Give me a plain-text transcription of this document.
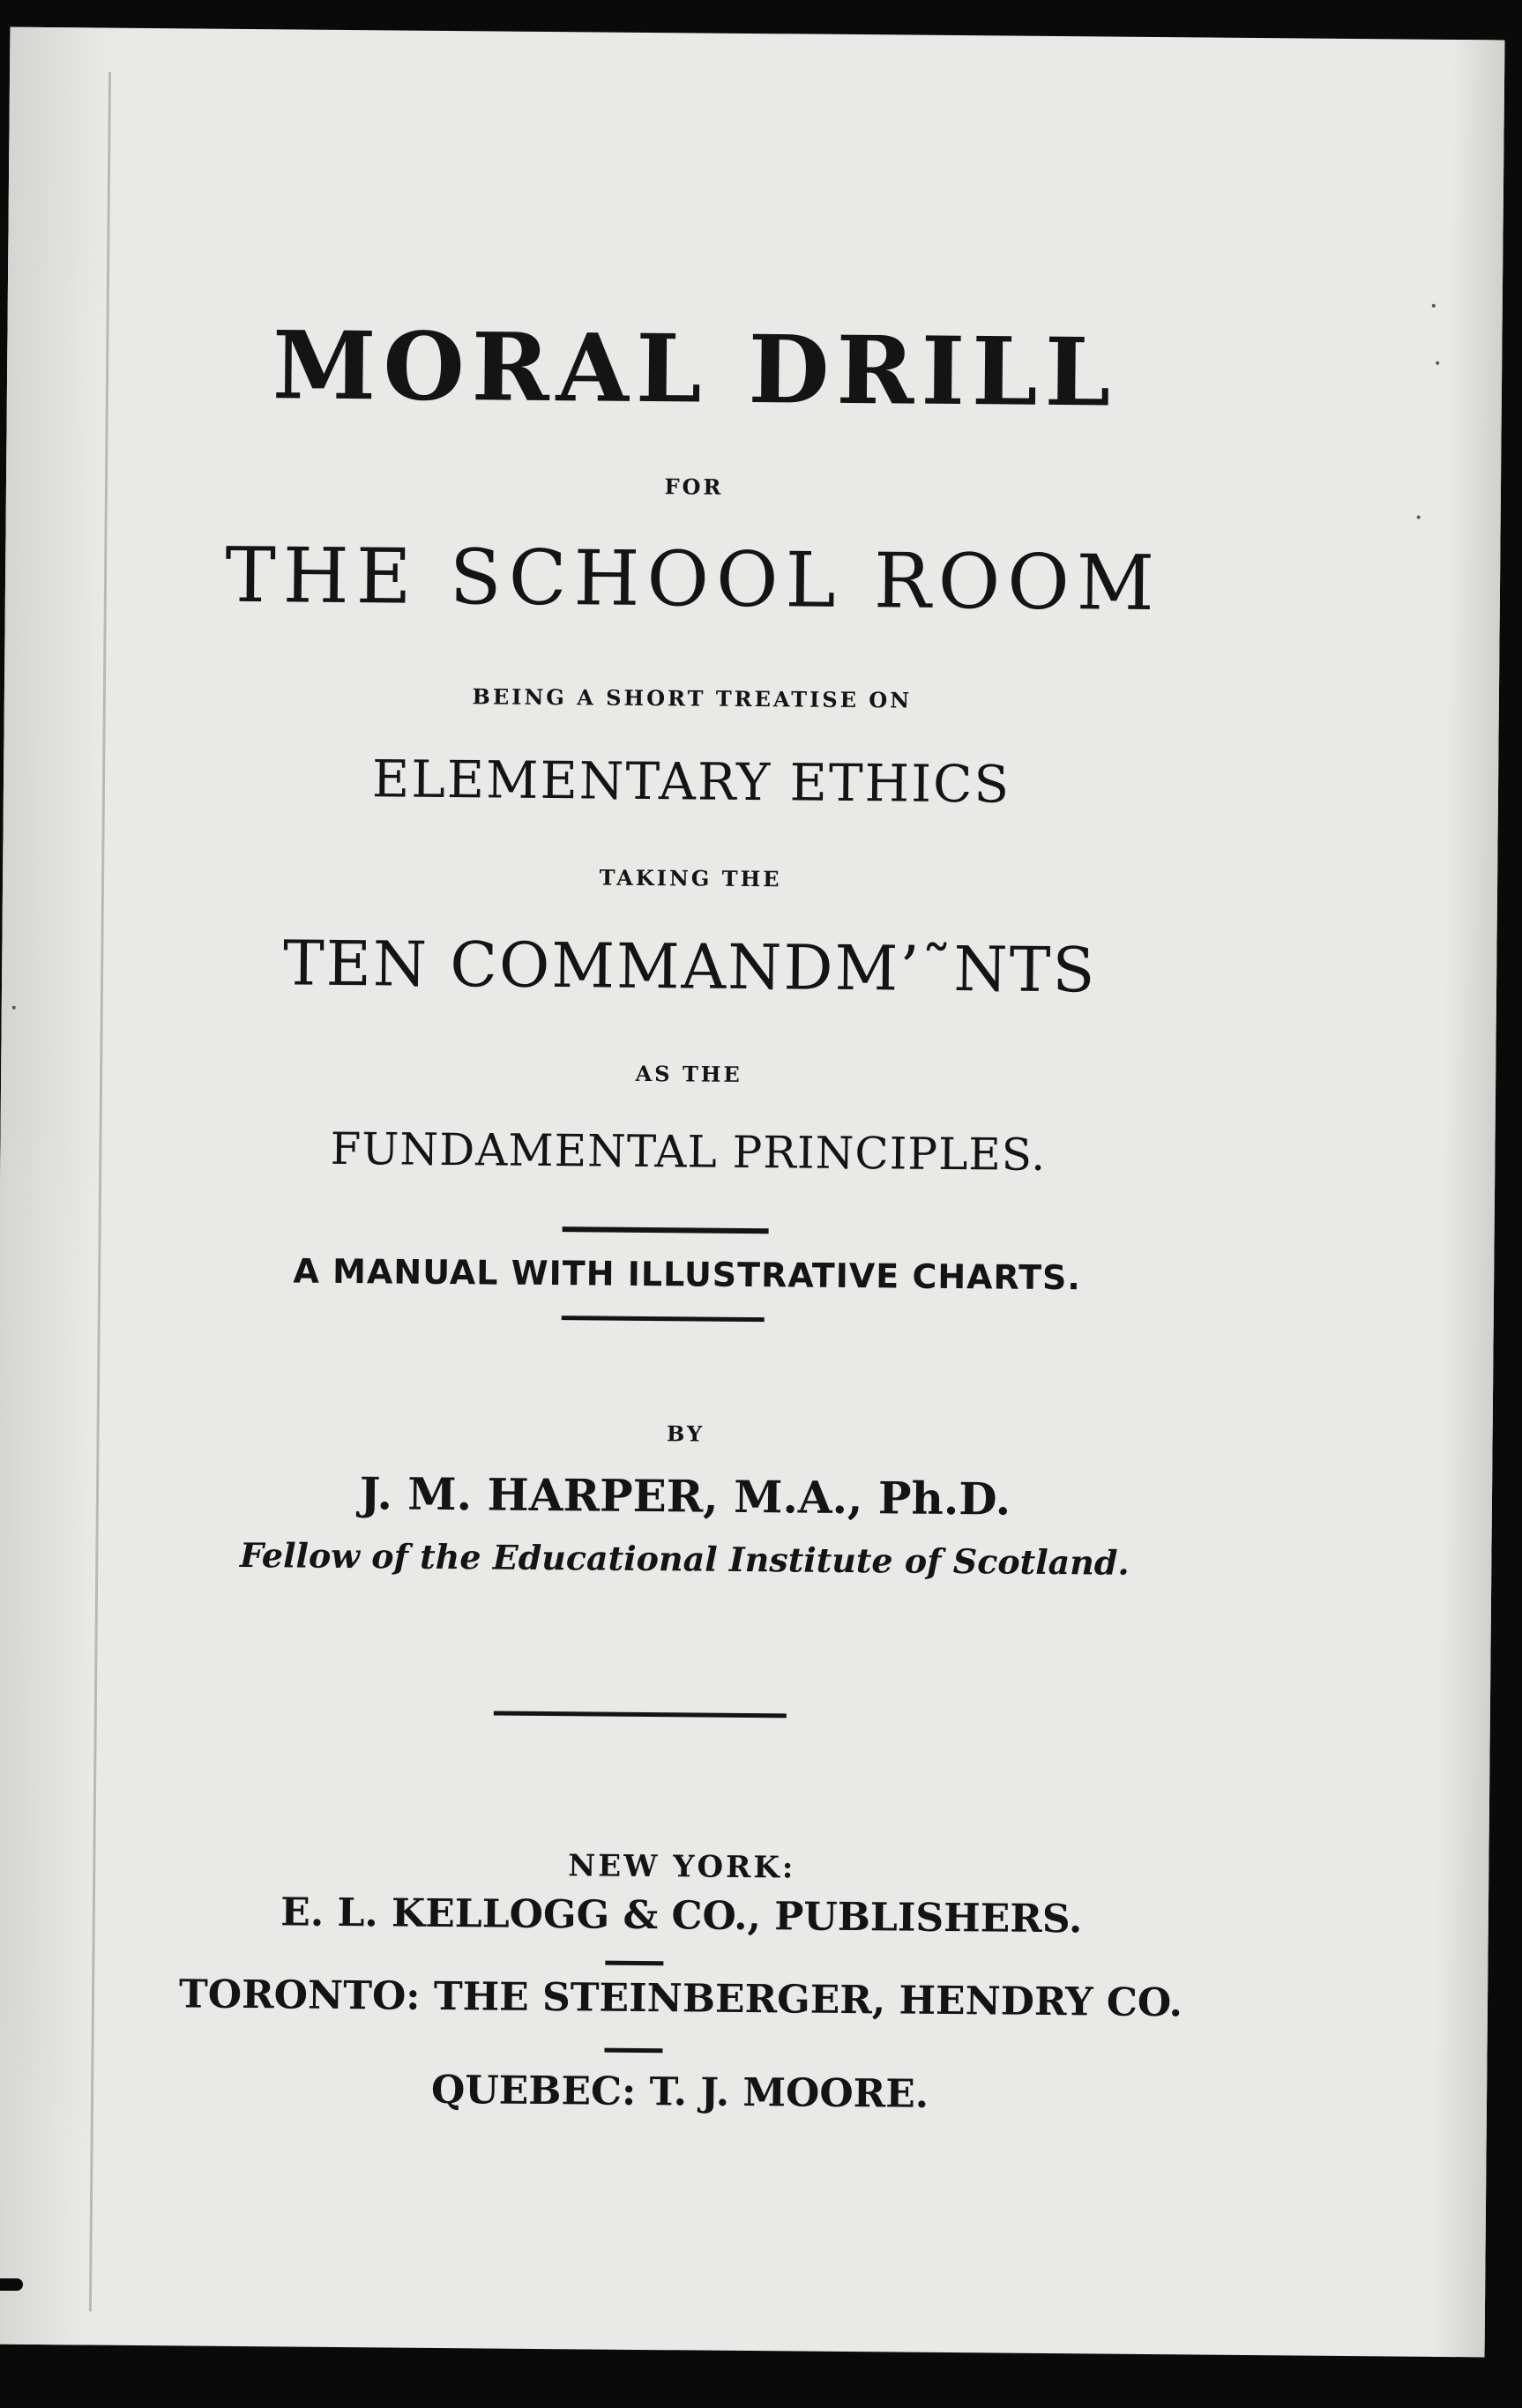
MORAL DRILL
FOR
THE SCHOOL ROOM
BEING A SHORT TREATISE ON
ELEMENTARY ETHICS
TAKING THE
TEN COMMANDM’˜NTS
AS THE
FUNDAMENTAL PRINCIPLES.
A MANUAL WITH ILLUSTRATIVE CHARTS.
BY
J. M. HARPER, M.A., Ph.D.
Fellow of the Educational Institute of Scotland.
NEW YORK:
E. L. KELLOGG & CO., PUBLISHERS.
TORONTO: THE STEINBERGER, HENDRY CO.
QUEBEC: T. J. MOORE.
